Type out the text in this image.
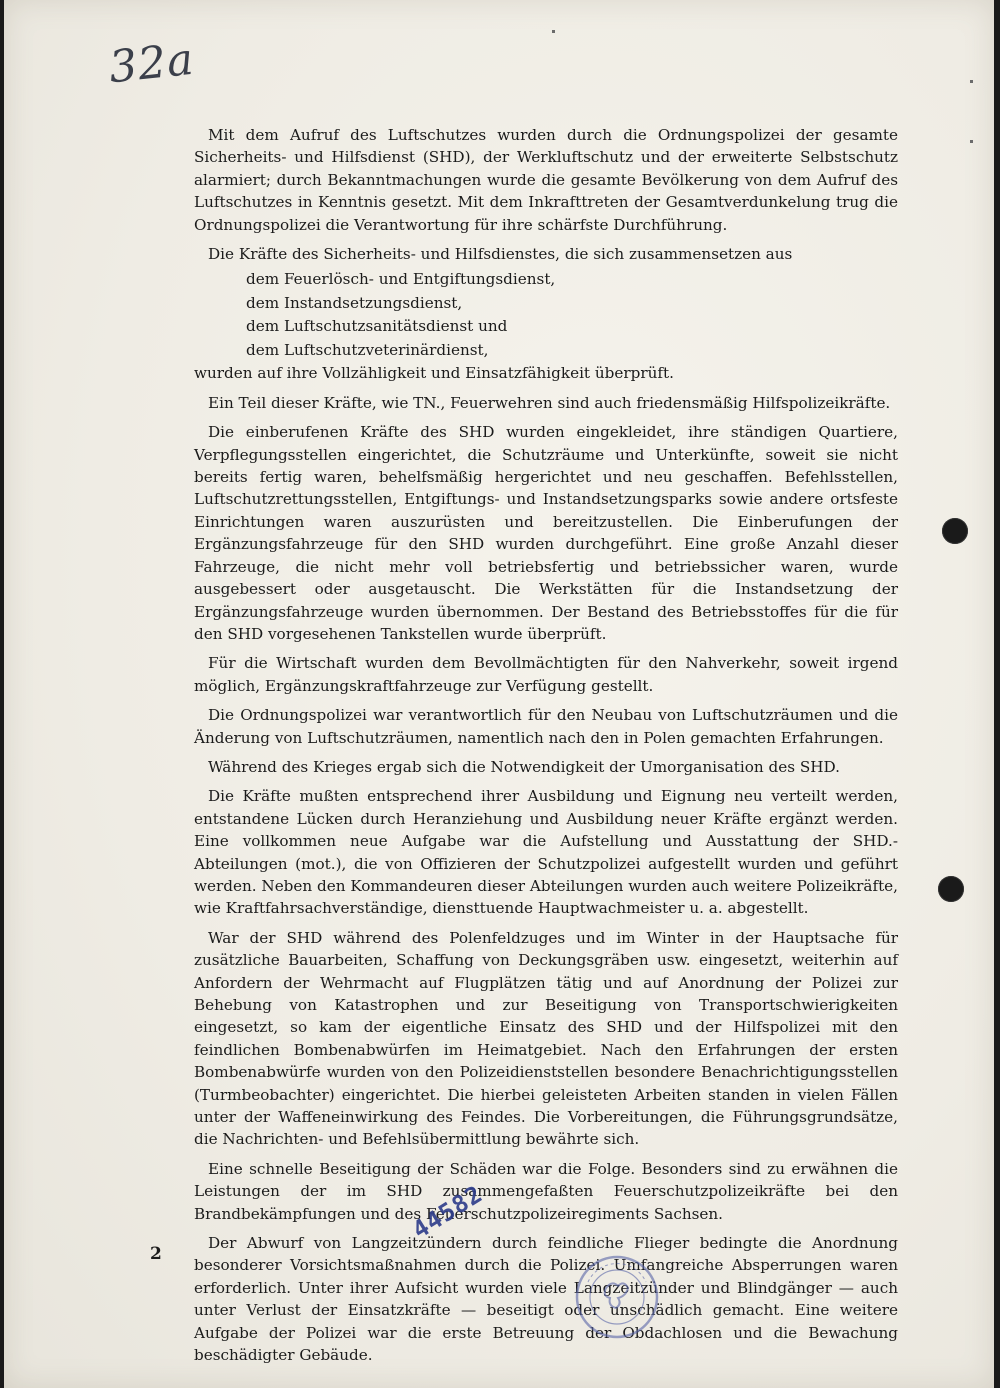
32a

Mit dem Aufruf des Luftschutzes wurden durch die Ordnungspolizei der gesamte Sicherheits- und Hilfsdienst (SHD), der Werkluftschutz und der erweiterte Selbstschutz alarmiert; durch Bekanntmachungen wurde die gesamte Bevölkerung von dem Aufruf des Luftschutzes in Kenntnis gesetzt. Mit dem Inkrafttreten der Gesamtverdunkelung trug die Ordnungspolizei die Verantwortung für ihre schärfste Durchführung.

Die Kräfte des Sicherheits- und Hilfsdienstes, die sich zusammensetzen aus

dem Feuerlösch- und Entgiftungsdienst,
dem Instandsetzungsdienst,
dem Luftschutzsanitätsdienst und
dem Luftschutzveterinärdienst,

wurden auf ihre Vollzähligkeit und Einsatzfähigkeit überprüft.

Ein Teil dieser Kräfte, wie TN., Feuerwehren sind auch friedensmäßig Hilfspolizeikräfte.

Die einberufenen Kräfte des SHD wurden eingekleidet, ihre ständigen Quartiere, Verpflegungsstellen eingerichtet, die Schutzräume und Unterkünfte, soweit sie nicht bereits fertig waren, behelfsmäßig hergerichtet und neu geschaffen. Befehlsstellen, Luftschutzrettungsstellen, Entgiftungs- und Instandsetzungsparks sowie andere ortsfeste Einrichtungen waren auszurüsten und bereitzustellen. Die Einberufungen der Ergänzungsfahrzeuge für den SHD wurden durchgeführt. Eine große Anzahl dieser Fahrzeuge, die nicht mehr voll betriebsfertig und betriebssicher waren, wurde ausgebessert oder ausgetauscht. Die Werkstätten für die Instandsetzung der Ergänzungsfahrzeuge wurden übernommen. Der Bestand des Betriebsstoffes für die für den SHD vorgesehenen Tankstellen wurde überprüft.

Für die Wirtschaft wurden dem Bevollmächtigten für den Nahverkehr, soweit irgend möglich, Ergänzungskraftfahrzeuge zur Verfügung gestellt.

Die Ordnungspolizei war verantwortlich für den Neubau von Luftschutzräumen und die Änderung von Luftschutzräumen, namentlich nach den in Polen gemachten Erfahrungen.

Während des Krieges ergab sich die Notwendigkeit der Umorganisation des SHD.

Die Kräfte mußten entsprechend ihrer Ausbildung und Eignung neu verteilt werden, entstandene Lücken durch Heranziehung und Ausbildung neuer Kräfte ergänzt werden. Eine vollkommen neue Aufgabe war die Aufstellung und Ausstattung der SHD.-Abteilungen (mot.), die von Offizieren der Schutzpolizei aufgestellt wurden und geführt werden. Neben den Kommandeuren dieser Abteilungen wurden auch weitere Polizeikräfte, wie Kraftfahrsachverständige, diensttuende Hauptwachmeister u. a. abgestellt.

War der SHD während des Polenfeldzuges und im Winter in der Hauptsache für zusätzliche Bauarbeiten, Schaffung von Deckungsgräben usw. eingesetzt, weiterhin auf Anfordern der Wehrmacht auf Flugplätzen tätig und auf Anordnung der Polizei zur Behebung von Katastrophen und zur Beseitigung von Transportschwierigkeiten eingesetzt, so kam der eigentliche Einsatz des SHD und der Hilfspolizei mit den feindlichen Bombenabwürfen im Heimatgebiet. Nach den Erfahrungen der ersten Bombenabwürfe wurden von den Polizeidienststellen besondere Benachrichtigungsstellen (Turmbeobachter) eingerichtet. Die hierbei geleisteten Arbeiten standen in vielen Fällen unter der Waffeneinwirkung des Feindes. Die Vorbereitungen, die Führungsgrundsätze, die Nachrichten- und Befehlsübermittlung bewährte sich.

Eine schnelle Beseitigung der Schäden war die Folge. Besonders sind zu erwähnen die Leistungen der im SHD zusammengefaßten Feuerschutzpolizeikräfte bei den Brandbekämpfungen und des Feuerschutzpolizeiregiments Sachsen.

Der Abwurf von Langzeitzündern durch feindliche Flieger bedingte die Anordnung besonderer Vorsichtsmaßnahmen durch die Polizei. Umfangreiche Absperrungen waren erforderlich. Unter ihrer Aufsicht wurden viele Langzeitzünder und Blindgänger — auch unter Verlust der Einsatzkräfte — beseitigt oder unschädlich gemacht. Eine weitere Aufgabe der Polizei war die erste Betreuung der Obdachlosen und die Bewachung beschädigter Gebäude.

2
44582
